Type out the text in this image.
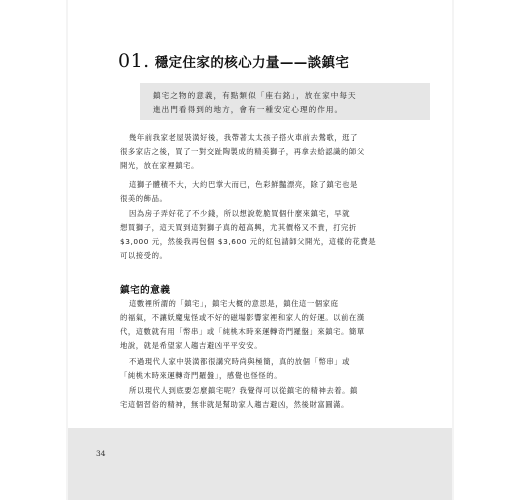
01. 穩定住家的核心力量——談鎮宅
鎮宅之物的意義，有點類似「座右銘」，放在家中每天
進出門看得到的地方，會有一種安定心理的作用。
幾年前我家老屋裝潢好後，我帶著太太孩子搭火車前去鶯歌，逛了
很多家店之後，買了一對交趾陶製成的精美獅子，再拿去給認識的師父
開光，放在家裡鎮宅。
這獅子體積不大，大約巴掌大而已，色彩鮮豔漂亮，除了鎮宅也是
很美的飾品。
因為房子弄好花了不少錢，所以想說乾脆買個什麼來鎮宅，早就
想買獅子，這天買到這對獅子真的超高興，尤其價格又不貴，打完折
$3,000 元，然後我再包個 $3,600 元的紅包請師父開光，這樣的花費是
可以接受的。
鎮宅的意義
這數裡所謂的「鎮宅」，鎮宅大概的意思是，鎮住這一個家庭
的福氣，不讓妖魔鬼怪或不好的磁場影響家裡和家人的好運。以前在漢
代，這數就有用「幣串」或「純桃木時來運轉奇門羅盤」來鎮宅。簡單
地說，就是希望家人趨吉避凶平平安安。
不過現代人家中裝潢都很講究時尚與極簡，真的放個「幣串」或
「純桃木時來運轉奇門羅盤」，感覺也怪怪的。
所以現代人到底要怎麼鎮宅呢？我覺得可以從鎮宅的精神去着。鎮
宅這個習俗的精神，無非就是幫助家人趨吉避凶，然後財富圓滿。
34
